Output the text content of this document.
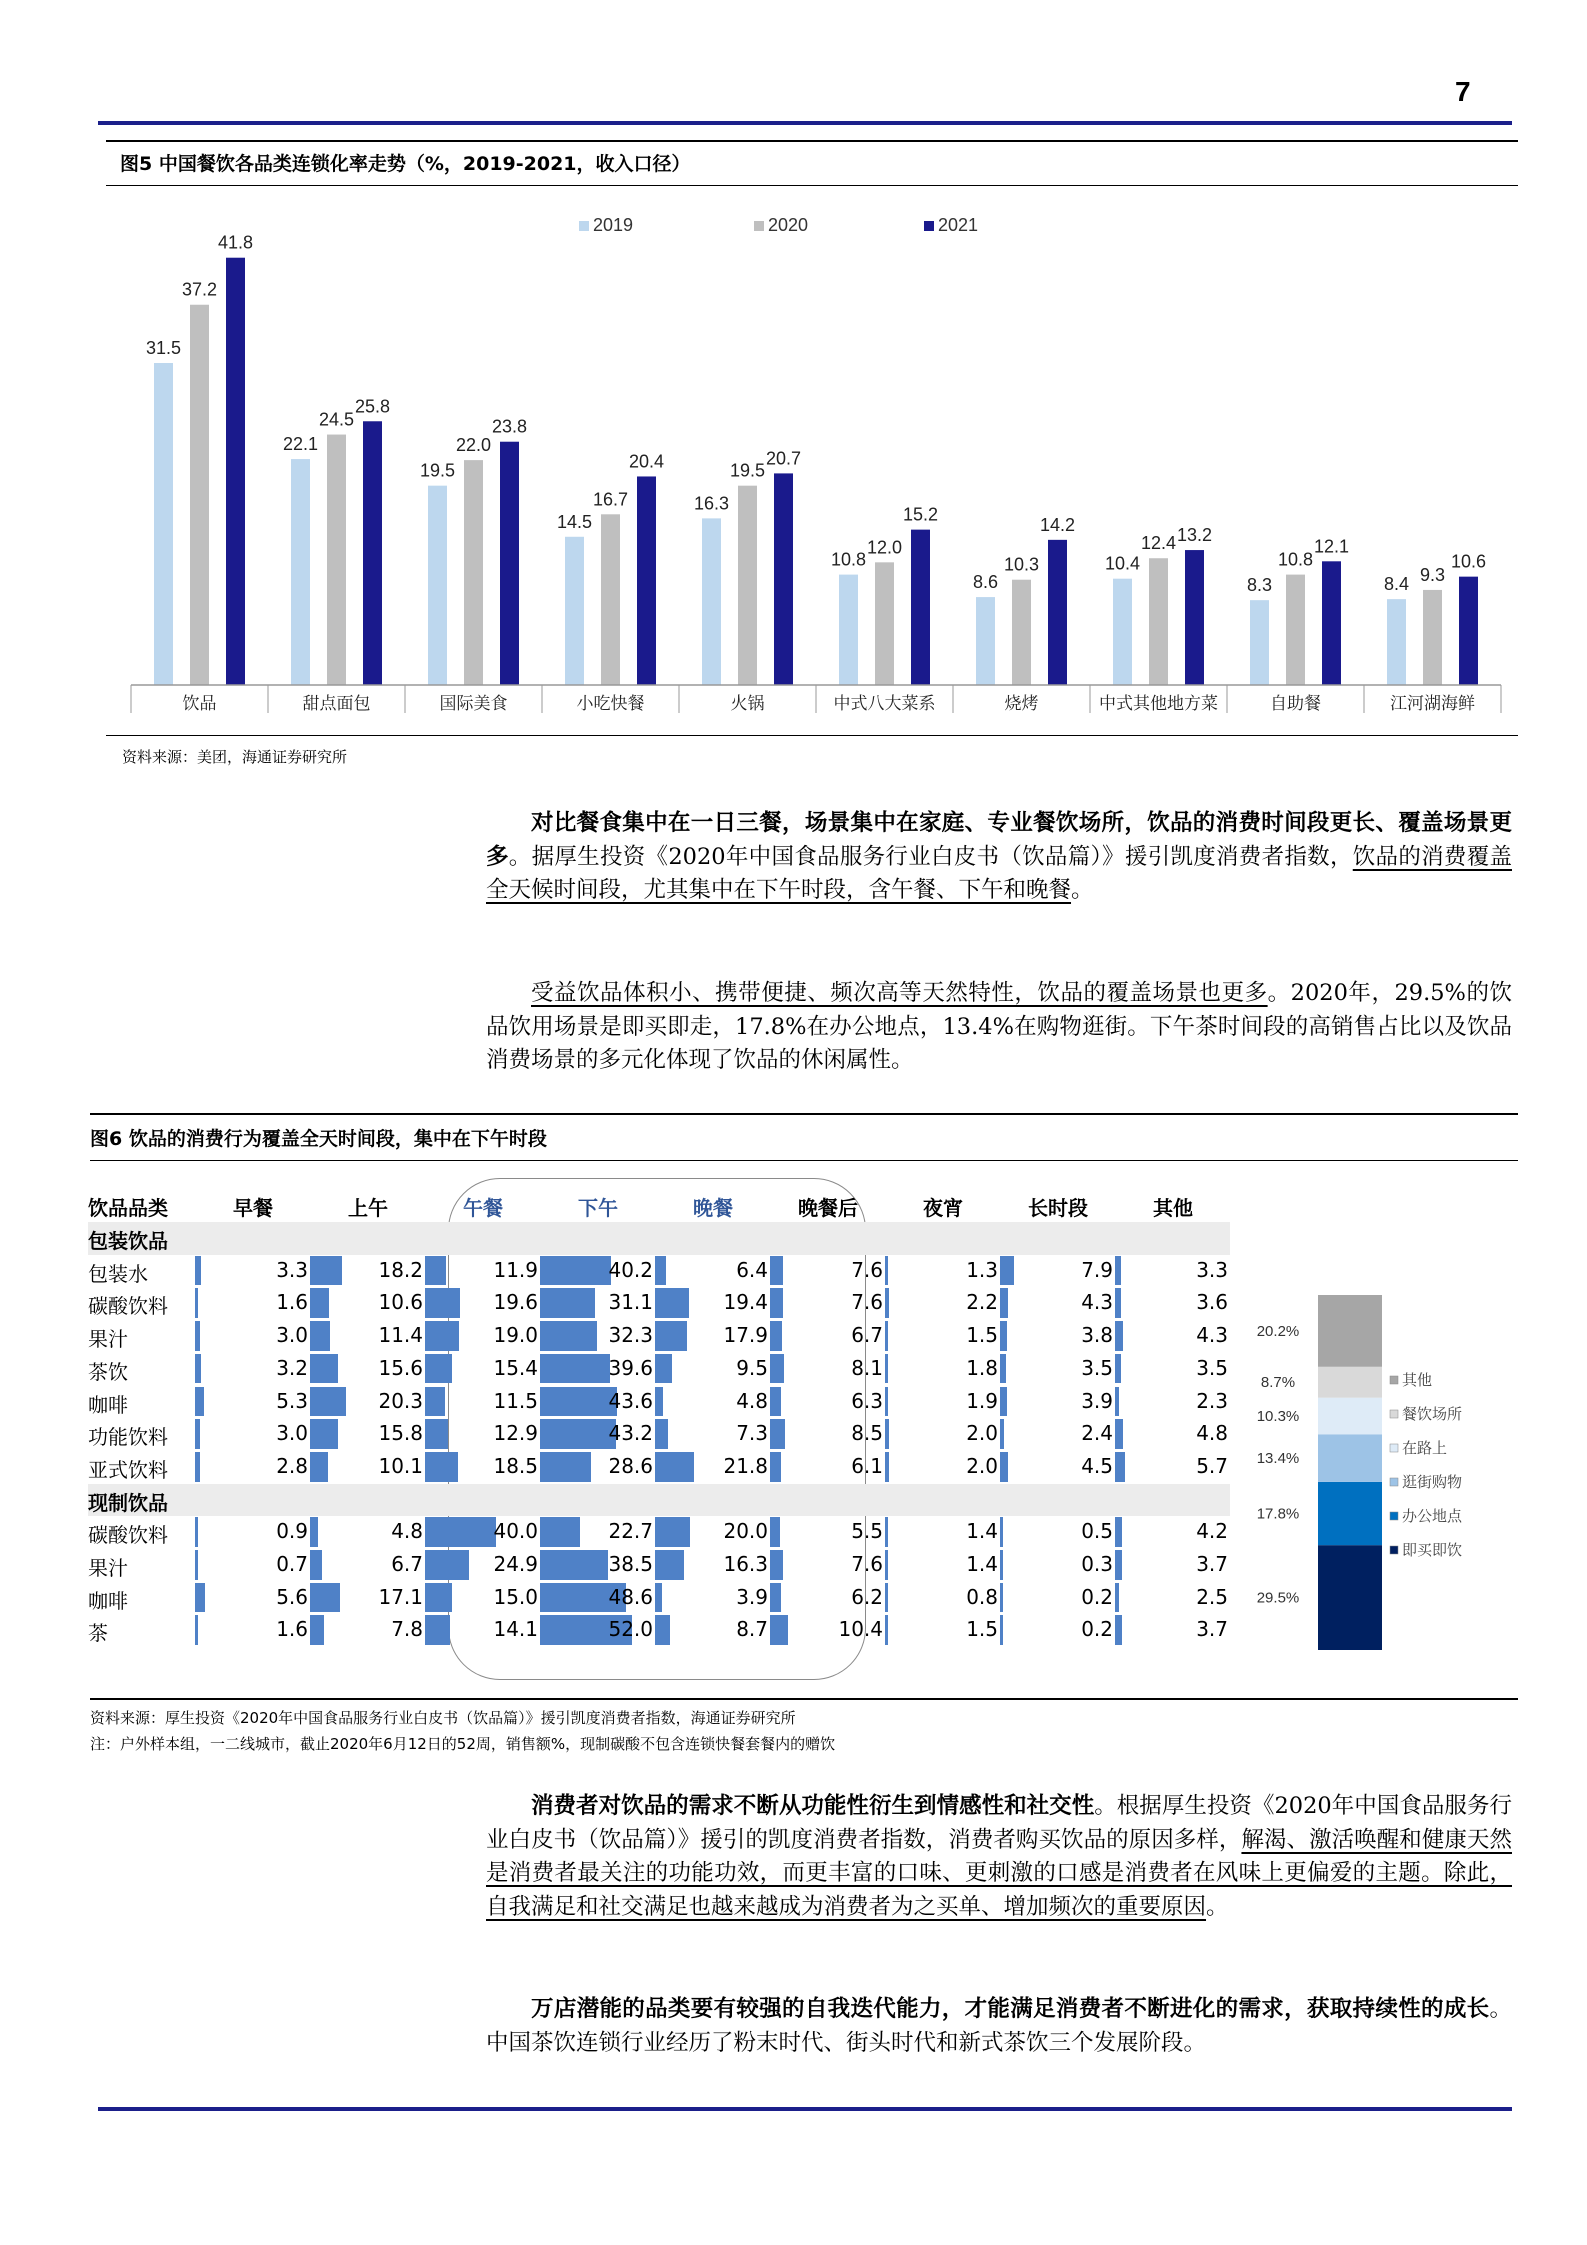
7
图5 中国餐饮各品类连锁化率走势（%，2019-2021，收入口径）
2019	2020	2021
31.5
37.2
41.8
22.1
24.5
25.8
19.5
22.0
23.8
14.5
16.7
20.4
16.3
19.5
20.7
10.8
12.0
15.2
8.6
10.3
14.2
10.4
12.4 13.2
8.3
10.8
12.1
8.4 9.3
10.6
饮品	甜点面包	国际美食	小吃快餐	火锅	中式八大菜系	烧烤	中式其他地方菜	自助餐	江河湖海鲜
资料来源：美团，海通证券研究所
对比餐食集中在一日三餐，场景集中在家庭、专业餐饮场所，饮品的消费时间段更长、覆盖场景更多。据厚生投资《2020年中国食品服务行业白皮书（饮品篇）》援引凯度消费者指数，饮品的消费覆盖全天候时间段，尤其集中在下午时段，含午餐、下午和晚餐。
受益饮品体积小、携带便捷、频次高等天然特性，饮品的覆盖场景也更多。2020年，29.5%的饮品饮用场景是即买即走，17.8%在办公地点，13.4%在购物逛街。下午茶时间段的高销售占比以及饮品消费场景的多元化体现了饮品的休闲属性。
图6 饮品的消费行为覆盖全天时间段，集中在下午时段
饮品品类	早餐	上午	午餐	下午	晚餐	晚餐后	夜宵	长时段	其他
包装饮品
包装水	3.3	18.2	11.9	40.2	6.4	7.6	1.3	7.9	3.3
碳酸饮料	1.6	10.6	19.6	31.1	19.4	7.6	2.2	4.3	3.6
果汁	3.0	11.4	19.0	32.3	17.9	6.7	1.5	3.8	4.3
茶饮	3.2	15.6	15.4	39.6	9.5	8.1	1.8	3.5	3.5
咖啡	5.3	20.3	11.5	43.6	4.8	6.3	1.9	3.9	2.3
功能饮料	3.0	15.8	12.9	43.2	7.3	8.5	2.0	2.4	4.8
亚式饮料	2.8	10.1	18.5	28.6	21.8	6.1	2.0	4.5	5.7
现制饮品
碳酸饮料	0.9	4.8	40.0	22.7	20.0	5.5	1.4	0.5	4.2
果汁	0.7	6.7	24.9	38.5	16.3	7.6	1.4	0.3	3.7
咖啡	5.6	17.1	15.0	48.6	3.9	6.2	0.8	0.2	2.5
茶	1.6	7.8	14.1	52.0	8.7	10.4	1.5	0.2	3.7
29.5%
17.8%
13.4%
10.3%
8.7%
20.2%
其他
餐饮场所
在路上
逛街购物
办公地点
即买即饮
资料来源：厚生投资《2020年中国食品服务行业白皮书（饮品篇）》援引凯度消费者指数，海通证券研究所
注：户外样本组，一二线城市，截止2020年6月12日的52周，销售额%，现制碳酸不包含连锁快餐套餐内的赠饮
消费者对饮品的需求不断从功能性衍生到情感性和社交性。根据厚生投资《2020年中国食品服务行业白皮书（饮品篇）》援引的凯度消费者指数，消费者购买饮品的原因多样，解渴、激活唤醒和健康天然是消费者最关注的功能功效，而更丰富的口味、更刺激的口感是消费者在风味上更偏爱的主题。除此，自我满足和社交满足也越来越成为消费者为之买单、增加频次的重要原因。
万店潜能的品类要有较强的自我迭代能力，才能满足消费者不断进化的需求，获取持续性的成长。中国茶饮连锁行业经历了粉末时代、街头时代和新式茶饮三个发展阶段。
